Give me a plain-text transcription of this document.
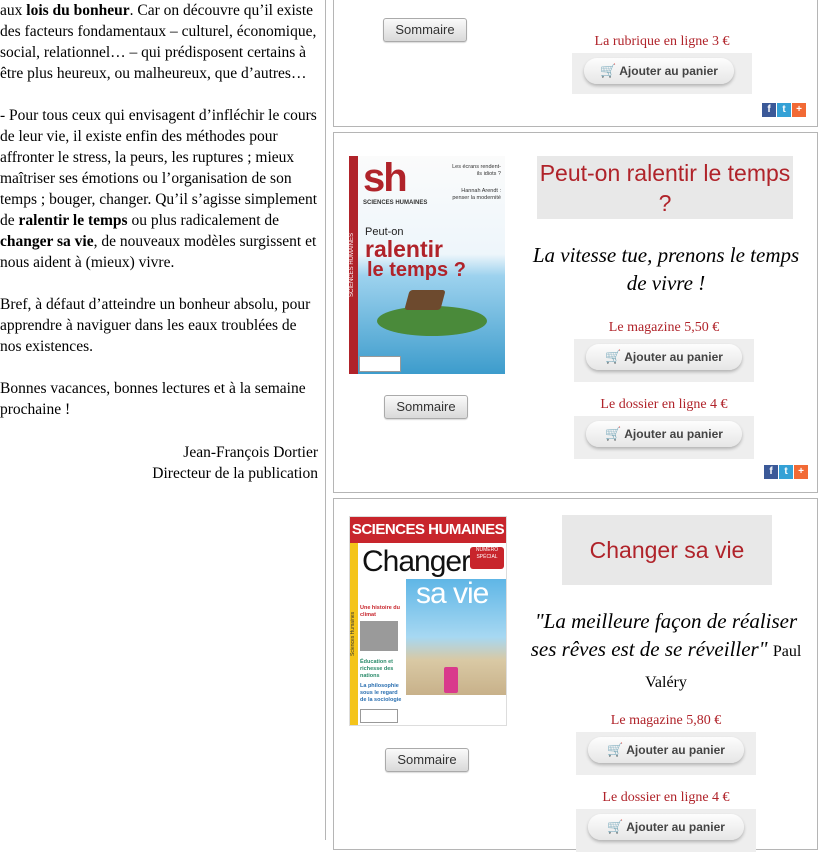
aux lois du bonheur. Car on découvre qu’il existe des facteurs fondamentaux – culturel, économique, social, relationnel… – qui prédisposent certains à être plus heureux, ou malheureux, que d’autres…

- Pour tous ceux qui envisagent d’infléchir le cours de leur vie, il existe enfin des méthodes pour affronter le stress, la peurs, les ruptures ; mieux maîtriser ses émotions ou l’organisation de son temps ; bouger, changer. Qu’il s’agisse simplement de ralentir le temps ou plus radicalement de changer sa vie, de nouveaux modèles surgissent et nous aident à (mieux) vivre.

Bref, à défaut d’atteindre un bonheur absolu, pour apprendre à naviguer dans les eaux troublées de nos existences.

Bonnes vacances, bonnes lectures et à la semaine prochaine !

Jean-François Dortier
Directeur de la publication
Sommaire
La rubrique en ligne 3 €
🛒 Ajouter au panier
f	t	+
SCIENCES HUMAINES
sh
SCIENCES HUMAINES
Les écrans rendent-ils idiots ?
Hannah Arendt : penser la modernité
Peut-on
ralentir
le temps ?
Sommaire
Peut-on ralentir le temps ?
La vitesse tue, prenons le temps de vivre !
Le magazine 5,50 €
🛒 Ajouter au panier
Le dossier en ligne 4 €
🛒 Ajouter au panier
f	t	+
SCIENCES HUMAINES
Sciences Humaines
Changer	NUMÉRO SPÉCIAL
sa vie
Une histoire du climat
Éducation et richesse des nations
La philosophie sous le regard de la sociologie
Sommaire
Changer sa vie
"La meilleure façon de réaliser ses rêves est de se réveiller" Paul Valéry
Le magazine 5,80 €
🛒 Ajouter au panier
Le dossier en ligne 4 €
🛒 Ajouter au panier
